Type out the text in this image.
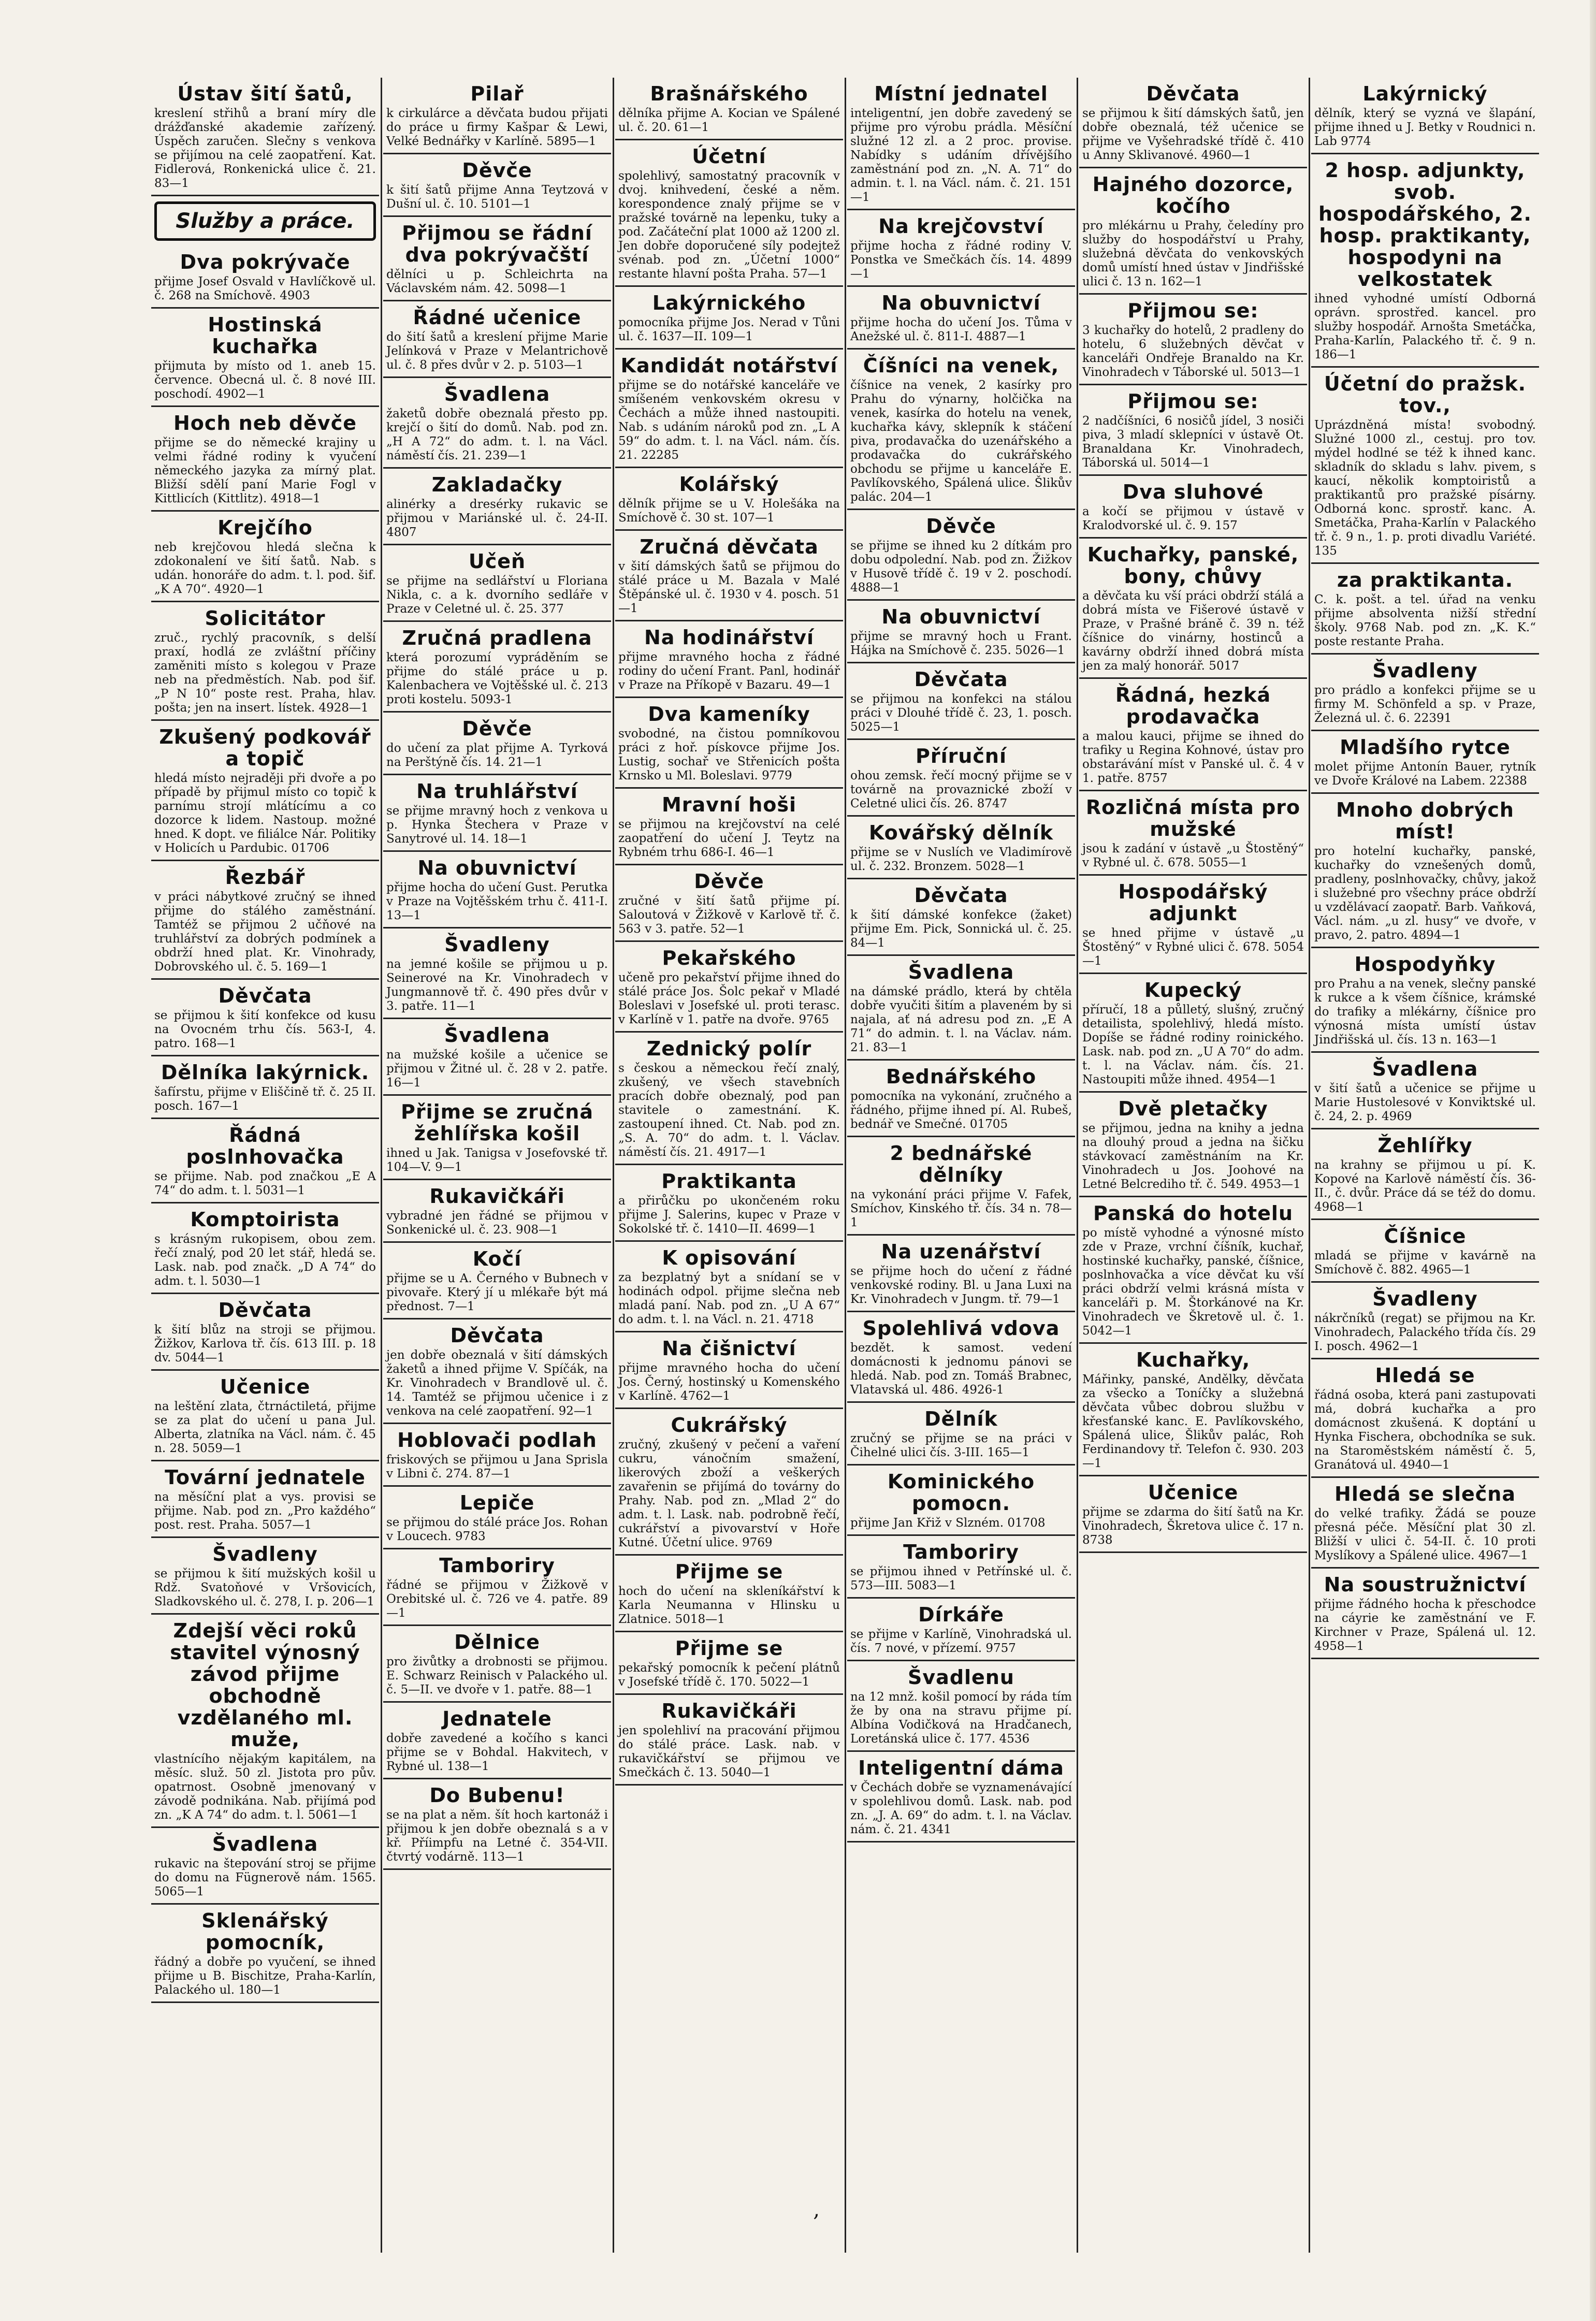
Ústav šití šatů,
kreslení střihů a braní míry dle drážďanské akademie zařízený. Úspěch zaručen. Slečny s venkova se přijímou na celé zaopatření. Kat. Fidlerová, Ronkenická ulice č. 21. 83—1
Služby a práce.
Dva pokrývače
přijme Josef Osvald v Havlíčkově ul. č. 268 na Smíchově. 4903
Hostinská kuchařka
přijmuta by místo od 1. aneb 15. července. Obecná ul. č. 8 nové III. poschodí. 4902—1
Hoch neb děvče
přijme se do německé krajiny u velmi řádné rodiny k vyučení německého jazyka za mírný plat. Bližší sdělí paní Marie Fogl v Kittlicích (Kittlitz). 4918—1
Krejčího
neb krejčovou hledá slečna k zdokonalení ve šití šatů. Nab. s udán. honoráře do adm. t. l. pod. šif. „K A 70“. 4920—1
Solicitátor
zruč., rychlý pracovník, s delší praxí, hodlá ze zvláštní příčiny zaměniti místo s kolegou v Praze neb na předměstích. Nab. pod šif. „P N 10“ poste rest. Praha, hlav. pošta; jen na insert. lístek. 4928—1
Zkušený podkovář a topič
hledá místo nejraději při dvoře a po případě by přijmul místo co topič k parnímu strojí mlátícímu a co dozorce k lidem. Nastoup. možné hned. K dopt. ve filiálce Nár. Politiky v Holicích u Pardubic. 01706
Řezbář
v práci nábytkové zručný se ihned přijme do stálého zaměstnání. Tamtéž se přijmou 2 učňové na truhlářství za dobrých podmínek a obdrží hned plat. Kr. Vinohrady, Dobrovského ul. č. 5. 169—1
Děvčata
se přijmou k šití konfekce od kusu na Ovocném trhu čís. 563-I, 4. patro. 168—1
Dělníka lakýrnick.
šafírstu, přijme v Eliščině tř. č. 25 II. posch. 167—1
Řádná poslnhovačka
se přijme. Nab. pod značkou „E A 74“ do adm. t. l. 5031—1
Komptoirista
s krásným rukopisem, obou zem. řečí znalý, pod 20 let stář, hledá se. Lask. nab. pod značk. „D A 74“ do adm. t. l. 5030—1
Děvčata
k šití blůz na stroji se přijmou. Žižkov, Karlova tř. čís. 613 III. p. 18 dv. 5044—1
Učenice
na leštění zlata, čtrnáctiletá, přijme se za plat do učení u pana Jul. Alberta, zlatníka na Václ. nám. č. 45 n. 28. 5059—1
Tovární jednatele
na měsíční plat a vys. provisi se přijme. Nab. pod zn. „Pro každého“ post. rest. Praha. 5057—1
Švadleny
se přijmou k šití mužských košil u Rdž. Svatoňové v Vršovicích, Sladkovského ul. č. 278, I. p. 206—1
Zdejší věci roků stavitel výnosný závod přijme obchodně vzdělaného ml. muže,
vlastnícího nějakým kapitálem, na měsíc. služ. 50 zl. Jistota pro pův. opatrnost. Osobně jmenovaný v závodě podnikána. Nab. přijímá pod zn. „K A 74“ do adm. t. l. 5061—1
Švadlena
rukavic na štepování stroj se přijme do domu na Fügnerově nám. 1565. 5065—1
Sklenářský pomocník,
řádný a dobře po vyučení, se ihned přijme u B. Bischitze, Praha-Karlín, Palackého ul. 180—1
Pilař
k cirkulárce a děvčata budou přijati do práce u firmy Kašpar & Lewi, Velké Bednářky v Karlíně. 5895—1
Děvče
k šití šatů přijme Anna Teytzová v Dušní ul. č. 10. 5101—1
Přijmou se řádní dva pokrývačští
dělníci u p. Schleichrta na Václavském nám. 42. 5098—1
Řádné učenice
do šití šatů a kreslení přijme Marie Jelínková v Praze v Melantrichově ul. č. 8 přes dvůr v 2. p. 5103—1
Švadlena
žaketů dobře obeznalá přesto pp. krejčí o šití do domů. Nab. pod zn. „H A 72“ do adm. t. l. na Václ. náměstí čís. 21. 239—1
Zakladačky
alinérky a dresérky rukavic se přijmou v Mariánské ul. č. 24-II. 4807
Učeň
se přijme na sedlářství u Floriana Nikla, c. a k. dvorního sedláře v Praze v Celetné ul. č. 25. 377
Zručná pradlena
která porozumí vypráděním se přijme do stálé práce u p. Kalenbachera ve Vojtěšské ul. č. 213 proti kostelu. 5093-1
Děvče
do učení za plat přijme A. Tyrková na Perštýně čís. 14. 21—1
Na truhlářství
se přijme mravný hoch z venkova u p. Hynka Štechera v Praze v Sanytrové ul. 14. 18—1
Na obuvnictví
přijme hocha do učení Gust. Perutka v Praze na Vojtěšském trhu č. 411-I. 13—1
Švadleny
na jemné košile se přijmou u p. Seinerové na Kr. Vinohradech v Jungmannově tř. č. 490 přes dvůr v 3. patře. 11—1
Švadlena
na mužské košile a učenice se přijmou v Žitné ul. č. 28 v 2. patře. 16—1
Přijme se zručná žehlířska košil
ihned u Jak. Tanigsa v Josefovské tř. 104—V. 9—1
Rukavičkáři
vybradné jen řádné se přijmou v Sonkenické ul. č. 23. 908—1
Kočí
přijme se u A. Černého v Bubnech v pivovaře. Který jí u mlékaře být má přednost. 7—1
Děvčata
jen dobře obeznalá v šití dámských žaketů a ihned přijme V. Spíčák, na Kr. Vinohradech v Brandlově ul. č. 14. Tamtéž se přijmou učenice i z venkova na celé zaopatření. 92—1
Hoblovači podlah
friskových se přijmou u Jana Sprisla v Libni č. 274. 87—1
Lepiče
se přijmou do stálé práce Jos. Rohan v Loucech. 9783
Tamboriry
řádné se přijmou v Žižkově v Orebitské ul. č. 726 ve 4. patře. 89—1
Dělnice
pro živůtky a drobnosti se přijmou. E. Schwarz Reinisch v Palackého ul. č. 5—II. ve dvoře v 1. patře. 88—1
Jednatele
dobře zavedené a kočího s kanci přijme se v Bohdal. Hakvitech, v Rybné ul. 138—1
Do Bubenu!
se na plat a něm. šít hoch kartonáž i přijmou k jen dobře obeznalá s a v kř. Příimpfu na Letné č. 354-VII. čtvrtý vodárně. 113—1
Brašnářského
dělníka přijme A. Kocian ve Spálené ul. č. 20. 61—1
Účetní
spolehlivý, samostatný pracovník v dvoj. knihvedení, české a něm. korespondence znalý přijme se v pražské továrně na lepenku, tuky a pod. Začáteční plat 1000 až 1200 zl. Jen dobře doporučené síly podejtež svénab. pod zn. „Účetní 1000“ restante hlavní pošta Praha. 57—1
Lakýrnického
pomocníka přijme Jos. Nerad v Tůni ul. č. 1637—II. 109—1
Kandidát notářství
přijme se do notářské kanceláře ve smíšeném venkovském okresu v Čechách a může ihned nastoupiti. Nab. s udáním nároků pod zn. „L A 59“ do adm. t. l. na Václ. nám. čís. 21. 22285
Kolářský
dělník přijme se u V. Holešáka na Smíchově č. 30 st. 107—1
Zručná děvčata
v šití dámských šatů se přijmou do stálé práce u M. Bazala v Malé Štěpánské ul. č. 1930 v 4. posch. 51—1
Na hodinářství
přijme mravného hocha z řádné rodiny do učení Frant. Panl, hodinář v Praze na Příkopě v Bazaru. 49—1
Dva kameníky
svobodné, na čistou pomníkovou práci z hoř. pískovce přijme Jos. Lustig, sochař ve Střenicích pošta Krnsko u Ml. Boleslavi. 9779
Mravní hoši
se přijmou na krejčovství na celé zaopatření do učení J. Teytz na Rybném trhu 686-I. 46—1
Děvče
zručné v šití šatů přijme pí. Saloutová v Žižkově v Karlově tř. č. 563 v 3. patře. 52—1
Pekařského
učeně pro pekařství přijme ihned do stálé práce Jos. Šolc pekař v Mladé Boleslavi v Josefské ul. proti terasc. v Karlíně v 1. patře na dvoře. 9765
Zednický polír
s českou a německou řečí znalý, zkušený, ve všech stavebních pracích dobře obeznalý, pod pan stavitele o zamestnání. K. zastoupení ihned. Ct. Nab. pod zn. „S. A. 70“ do adm. t. l. Václav. náměstí čís. 21. 4917—1
Praktikanta
a přirůčku po ukončeném roku přijme J. Salerins, kupec v Praze v Sokolské tř. č. 1410—II. 4699—1
K opisování
za bezplatný byt a snídaní se v hodinách odpol. přijme slečna neb mladá paní. Nab. pod zn. „U A 67“ do adm. t. l. na Václ. n. 21. 4718
Na čišnictví
přijme mravného hocha do učení Jos. Černý, hostinský u Komenského v Karlíně. 4762—1
Cukrářský
zručný, zkušený v pečení a vaření cukru, vánočním smažení, likerových zboží a veškerých zavařenin se přijímá do továrny do Prahy. Nab. pod zn. „Mlad 2“ do adm. t. l. Lask. nab. podrobně řečí, cukrářství a pivovarství v Hoře Kutné. Účetní ulice. 9769
Přijme se
hoch do učení na skleníkářství k Karla Neumanna v Hlinsku u Zlatnice. 5018—1
Přijme se
pekařský pomocník k pečení plátnů v Josefské třídě č. 170. 5022—1
Rukavičkáři
jen spolehliví na pracování přijmou do stálé práce. Lask. nab. v rukavičkářství se přijmou ve Smečkách č. 13. 5040—1
Místní jednatel
inteligentní, jen dobře zavedený se přijme pro výrobu prádla. Měsíční služné 12 zl. a 2 proc. provise. Nabídky s udáním dřívějšího zaměstnání pod zn. „N. A. 71“ do admin. t. l. na Václ. nám. č. 21. 151—1
Na krejčovství
přijme hocha z řádné rodiny V. Ponstka ve Smečkách čís. 14. 4899—1
Na obuvnictví
přijme hocha do učení Jos. Tůma v Anežské ul. č. 811-I. 4887—1
Číšníci na venek,
číšnice na venek, 2 kasírky pro Prahu do výnarny, holčička na venek, kasírka do hotelu na venek, kuchařka kávy, sklepník k stáčení piva, prodavačka do uzenářského a prodavačka do cukrářského obchodu se přijme u kanceláře E. Pavlíkovského, Spálená ulice. Šlikův palác. 204—1
Děvče
se přijme se ihned ku 2 dítkám pro dobu odpolední. Nab. pod zn. Žižkov v Husově třídě č. 19 v 2. poschodí. 4888—1
Na obuvnictví
přijme se mravný hoch u Frant. Hájka na Smíchově č. 235. 5026—1
Děvčata
se přijmou na konfekci na stálou práci v Dlouhé třídě č. 23, 1. posch. 5025—1
Příruční
ohou zemsk. řečí mocný přijme se v továrně na provaznické zboží v Celetné ulici čís. 26. 8747
Kovářský dělník
přijme se v Nuslích ve Vladimírově ul. č. 232. Bronzem. 5028—1
Děvčata
k šití dámské konfekce (žaket) přijme Em. Pick, Sonnická ul. č. 25. 84—1
Švadlena
na dámské prádlo, která by chtěla dobře vyučiti šitím a plaveném by si najala, ať ná adresu pod zn. „E A 71“ do admin. t. l. na Václav. nám. 21. 83—1
Bednářského
pomocníka na vykonání, zručného a řádného, přijme ihned pí. Al. Rubeš, bednář ve Smečné. 01705
2 bednářské dělníky
na vykonání práci přijme V. Fafek, Smíchov, Kinského tř. čís. 34 n. 78—1
Na uzenářství
se přijme hoch do učení z řádné venkovské rodiny. Bl. u Jana Luxi na Kr. Vinohradech v Jungm. tř. 79—1
Spolehlivá vdova
bezdět. k samost. vedení domácnosti k jednomu pánovi se hledá. Nab. pod zn. Tomáš Brabnec, Vlatavská ul. 486. 4926-1
Dělník
zručný se přijme se na práci v Čihelné ulici čís. 3-III. 165—1
Kominického pomocn.
přijme Jan Křiž v Slzném. 01708
Tamboriry
se přijmou ihned v Petřínské ul. č. 573—III. 5083—1
Dírkáře
se přijme v Karlíně, Vinohradská ul. čís. 7 nové, v přízemí. 9757
Švadlenu
na 12 mnž. košil pomocí by ráda tím že by ona na stravu přijme pí. Albína Vodičková na Hradčanech, Loretánská ulice č. 177. 4536
Inteligentní dáma
v Čechách dobře se vyznamenávající v spolehlivou domů. Lask. nab. pod zn. „J. A. 69“ do adm. t. l. na Václav. nám. č. 21. 4341
Děvčata
se přijmou k šití dámských šatů, jen dobře obeznalá, též učenice se přijme ve Vyšehradské třídě č. 410 u Anny Sklivanové. 4960—1
Hajného dozorce, kočího
pro mlékárnu u Prahy, čeledíny pro služby do hospodářství u Prahy, služebná děvčata do venkovských domů umístí hned ústav v Jindřišské ulici č. 13 n. 162—1
Přijmou se:
3 kuchařky do hotelů, 2 pradleny do hotelu, 6 služebných děvčat v kanceláři Ondřeje Branaldo na Kr. Vinohradech v Táborské ul. 5013—1
Přijmou se:
2 nadčíšníci, 6 nosičů jídel, 3 nosiči piva, 3 mladí sklepníci v ústavě Ot. Branaldana Kr. Vinohradech, Táborská ul. 5014—1
Dva sluhové
a kočí se přijmou v ústavě v Kralodvorské ul. č. 9. 157
Kuchařky, panské, bony, chůvy
a děvčata ku vší práci obdrží stálá a dobrá místa ve Fišerové ústavě v Praze, v Prašné bráně č. 39 n. též číšnice do vinárny, hostinců a kavárny obdrží ihned dobrá místa jen za malý honorář. 5017
Řádná, hezká prodavačka
a malou kauci, přijme se ihned do trafiky u Regina Kohnové, ústav pro obstarávání míst v Panské ul. č. 4 v 1. patře. 8757
Rozličná místa pro mužské
jsou k zadání v ústavě „u Štostěný“ v Rybné ul. č. 678. 5055—1
Hospodářský adjunkt
se hned přijme v ústavě „u Štostěný“ v Rybné ulici č. 678. 5054—1
Kupecký
příručí, 18 a půlletý, slušný, zručný detailista, spolehlivý, hledá místo. Dopíše se řádné rodiny roinického. Lask. nab. pod zn. „U A 70“ do adm. t. l. na Václav. nám. čís. 21. Nastoupiti může ihned. 4954—1
Dvě pletačky
se přijmou, jedna na knihy a jedna na dlouhý proud a jedna na šičku stávkovací zaměstnáním na Kr. Vinohradech u Jos. Joohové na Letné Belcrediho tř. č. 549. 4953—1
Panská do hotelu
po místě vyhodné a výnosné místo zde v Praze, vrchní číšník, kuchař, hostinské kuchařky, panské, číšnice, poslnhovačka a více děvčat ku vší práci obdrží velmi krásná místa v kanceláři p. M. Štorkánové na Kr. Vinohradech ve Škretově ul. č. 1. 5042—1
Kuchařky,
Mářinky, panské, Andělky, děvčata za všecko a Toníčky a služebná děvčata vůbec dobrou službu v křesťanské kanc. E. Pavlíkovského, Spálená ulice, Šlikův palác, Roh Ferdinandovy tř. Telefon č. 930. 203—1
Učenice
přijme se zdarma do šití šatů na Kr. Vinohradech, Škretova ulice č. 17 n. 8738
Lakýrnický
dělník, který se vyzná ve šlapání, přijme ihned u J. Betky v Roudnici n. Lab 9774
2 hosp. adjunkty, svob. hospodářského, 2. hosp. praktikanty, hospodyni na velkostatek
ihned vyhodné umístí Odborná oprávn. sprostřed. kancel. pro služby hospodář. Arnošta Smetáčka, Praha-Karlín, Palackého tř. č. 9 n. 186—1
Účetní do pražsk. tov.,
Uprázdněná místa! svobodný. Služné 1000 zl., cestuj. pro tov. mýdel hodlné se též k ihned kanc. skladník do skladu s lahv. pivem, s kaucí, několik komptoiristů a praktikantů pro pražské písárny. Odborná konc. sprostř. kanc. A. Smetáčka, Praha-Karlín v Palackého tř. č. 9 n., 1. p. proti divadlu Variété. 135
za praktikanta.
C. k. pošt. a tel. úřad na venku přijme absolventa nižší střední školy. 9768 Nab. pod zn. „K. K.“ poste restante Praha.
Švadleny
pro prádlo a konfekci přijme se u firmy M. Schönfeld a sp. v Praze, Železná ul. č. 6. 22391
Mladšího rytce
molet přijme Antonín Bauer, rytník ve Dvoře Králové na Labem. 22388
Mnoho dobrých míst!
pro hotelní kuchařky, panské, kuchařky do vznešených domů, pradleny, poslnhovačky, chůvy, jakož i služebné pro všechny práce obdrží u vzdělávací zaopatř. Barb. Vaňková, Václ. nám. „u zl. husy“ ve dvoře, v pravo, 2. patro. 4894—1
Hospodyňky
pro Prahu a na venek, slečny panské k rukce a k všem číšnice, krámské do trafiky a mlékárny, číšnice pro výnosná místa umístí ústav Jindřišská ul. čís. 13 n. 163—1
Švadlena
v šití šatů a učenice se přijme u Marie Hustolesové v Konviktské ul. č. 24, 2. p. 4969
Žehlířky
na krahny se přijmou u pí. K. Kopové na Karlově náměstí čís. 36-II., č. dvůr. Práce dá se též do domu. 4968—1
Číšnice
mladá se přijme v kavárně na Smíchově č. 882. 4965—1
Švadleny
nákrčníků (regat) se přijmou na Kr. Vinohradech, Palackého třída čís. 29 I. posch. 4962—1
Hledá se
řádná osoba, která pani zastupovati má, dobrá kuchařka a pro domácnost zkušená. K doptání u Hynka Fischera, obchodníka se suk. na Staroměstském náměstí č. 5, Granátová ul. 4940—1
Hledá se slečna
do velké trafiky. Žádá se pouze přesná péče. Měsíční plat 30 zl. Bližší v ulici č. 54-II. č. 10 proti Myslíkovy a Spálené ulice. 4967—1
Na soustružnictví
přijme řádného hocha k přeschodce na cáyrie ke zaměstnání ve F. Kirchner v Praze, Spálená ul. 12. 4958—1
‚
